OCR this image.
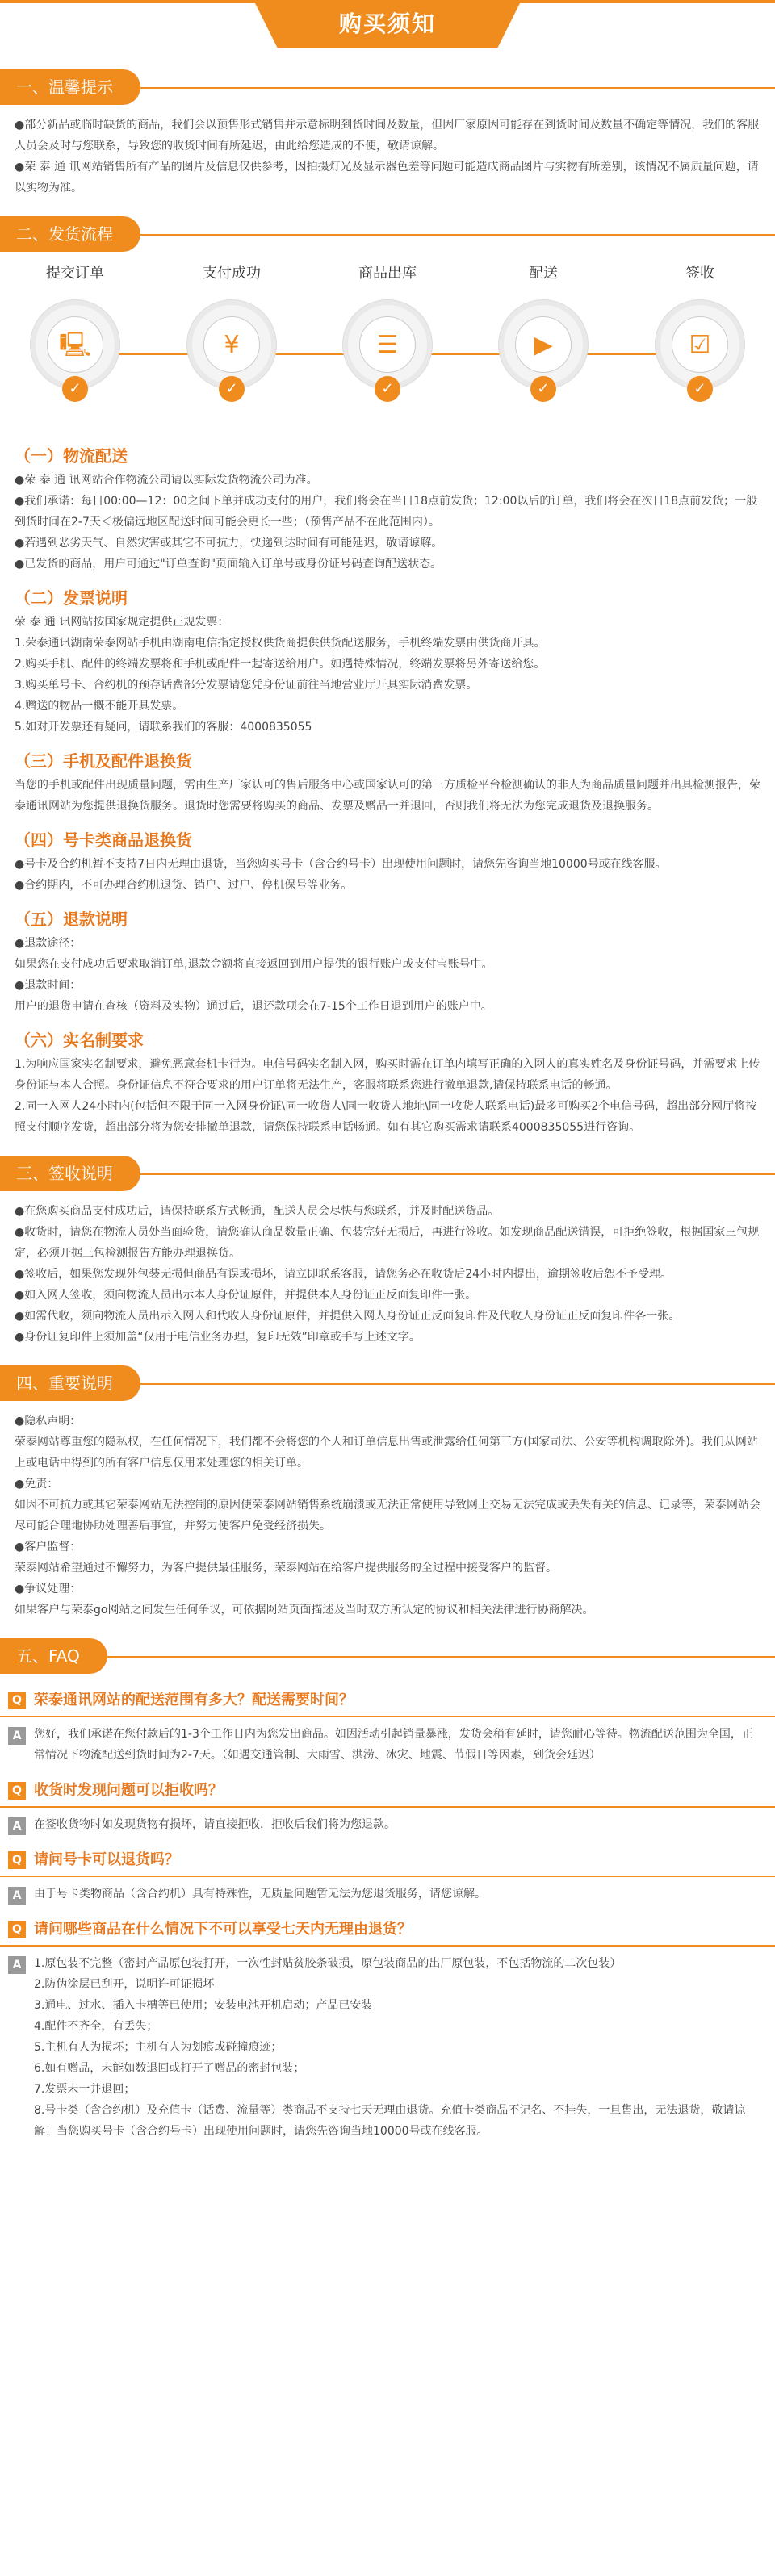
购买须知
一、温馨提示

●部分新品或临时缺货的商品，我们会以预售形式销售并示意标明到货时间及数量，但因厂家原因可能存在到货时间及数量不确定等情况，我们的客服人员会及时与您联系，导致您的收货时间有所延迟，由此给您造成的不便，敬请谅解。

●荣 泰 通 讯网站销售所有产品的图片及信息仅供参考，因拍摄灯光及显示器色差等问题可能造成商品图片与实物有所差别，该情况不属质量问题，请以实物为准。

二、发货流程
提交订单
🖳
✓
支付成功
¥
✓
商品出库
☰
✓
配送
▶
✓
签收
☑
✓
（一）物流配送

●荣 泰 通 讯网站合作物流公司请以实际发货物流公司为准。

●我们承诺：每日00:00—12：00之间下单并成功支付的用户，我们将会在当日18点前发货；12:00以后的订单，我们将会在次日18点前发货；一般到货时间在2-7天＜极偏远地区配送时间可能会更长一些；（预售产品不在此范围内）。

●若遇到恶劣天气、自然灾害或其它不可抗力，快递到达时间有可能延迟，敬请谅解。

●已发货的商品，用户可通过"订单查询"页面输入订单号或身份证号码查询配送状态。

（二）发票说明

荣 泰 通 讯网站按国家规定提供正规发票：

1.荣泰通讯湖南荣泰网站手机由湖南电信指定授权供货商提供供货配送服务，手机终端发票由供货商开具。

2.购买手机、配件的终端发票将和手机或配件一起寄送给用户。如遇特殊情况，终端发票将另外寄送给您。

3.购买单号卡、合约机的预存话费部分发票请您凭身份证前往当地营业厅开具实际消费发票。

4.赠送的物品一概不能开具发票。

5.如对开发票还有疑问，请联系我们的客服：4000835055

（三）手机及配件退换货

当您的手机或配件出现质量问题，需由生产厂家认可的售后服务中心或国家认可的第三方质检平台检测确认的非人为商品质量问题并出具检测报告，荣泰通讯网站为您提供退换货服务。退货时您需要将购买的商品、发票及赠品一并退回，否则我们将无法为您完成退货及退换服务。

（四）号卡类商品退换货

●号卡及合约机暂不支持7日内无理由退货，当您购买号卡（含合约号卡）出现使用问题时，请您先咨询当地10000号或在线客服。

●合约期内，不可办理合约机退货、销户、过户、停机保号等业务。

（五）退款说明

●退款途径：

如果您在支付成功后要求取消订单,退款金额将直接返回到用户提供的银行账户或支付宝账号中。

●退款时间：

用户的退货申请在查核（资料及实物）通过后，退还款项会在7-15个工作日退到用户的账户中。

（六）实名制要求

1.为响应国家实名制要求，避免恶意套机卡行为。电信号码实名制入网，购买时需在订单内填写正确的入网人的真实姓名及身份证号码，并需要求上传身份证与本人合照。身份证信息不符合要求的用户订单将无法生产，客服将联系您进行撤单退款,请保持联系电话的畅通。

2.同一入网人24小时内(包括但不限于同一入网身份证\同一收货人\同一收货人地址\同一收货人联系电话)最多可购买2个电信号码，超出部分网厅将按照支付顺序发货，超出部分将为您安排撤单退款，请您保持联系电话畅通。如有其它购买需求请联系4000835055进行咨询。

三、签收说明

●在您购买商品支付成功后，请保持联系方式畅通，配送人员会尽快与您联系，并及时配送货品。

●收货时，请您在物流人员处当面验货，请您确认商品数量正确、包装完好无损后，再进行签收。如发现商品配送错误，可拒绝签收，根据国家三包规定，必须开据三包检测报告方能办理退换货。

●签收后，如果您发现外包装无损但商品有误或损坏，请立即联系客服，请您务必在收货后24小时内提出，逾期签收后恕不予受理。

●如入网人签收，须向物流人员出示本人身份证原件，并提供本人身份证正反面复印件一张。

●如需代收，须向物流人员出示入网人和代收人身份证原件，并提供入网人身份证正反面复印件及代收人身份证正反面复印件各一张。

●身份证复印件上须加盖“仅用于电信业务办理，复印无效”印章或手写上述文字。

四、重要说明

●隐私声明：

荣泰网站尊重您的隐私权，在任何情况下，我们都不会将您的个人和订单信息出售或泄露给任何第三方(国家司法、公安等机构调取除外)。我们从网站上或电话中得到的所有客户信息仅用来处理您的相关订单。

●免责：

如因不可抗力或其它荣泰网站无法控制的原因使荣泰网站销售系统崩溃或无法正常使用导致网上交易无法完成或丢失有关的信息、记录等，荣泰网站会尽可能合理地协助处理善后事宜，并努力使客户免受经济损失。

●客户监督：

荣泰网站希望通过不懈努力，为客户提供最佳服务，荣泰网站在给客户提供服务的全过程中接受客户的监督。

●争议处理：

如果客户与荣泰go网站之间发生任何争议，可依据网站页面描述及当时双方所认定的协议和相关法律进行协商解决。

五、FAQ
Q 荣泰通讯网站的配送范围有多大？配送需要时间？
A	您好，我们承诺在您付款后的1-3个工作日内为您发出商品。如因活动引起销量暴涨，发货会稍有延时，请您耐心等待。物流配送范围为全国，正常情况下物流配送到货时间为2-7天。（如遇交通管制、大雨雪、洪涝、冰灾、地震、节假日等因素，到货会延迟）

Q 收货时发现问题可以拒收吗？
A	在签收货物时如发现货物有损坏，请直接拒收，拒收后我们将为您退款。

Q 请问号卡可以退货吗？
A	由于号卡类物商品（含合约机）具有特殊性，无质量问题暂无法为您退货服务，请您谅解。

Q 请问哪些商品在什么情况下不可以享受七天内无理由退货？
A	1.原包装不完整（密封产品原包装打开，一次性封贴贫胶条破损，原包装商品的出厂原包装，不包括物流的二次包装）

2.防伪涂层已刮开，说明许可证损坏

3.通电、过水、插入卡槽等已使用；安装电池开机启动；产品已安装

4.配件不齐全，有丢失；

5.主机有人为损坏；主机有人为划痕或碰撞痕迹；

6.如有赠品，未能如数退回或打开了赠品的密封包装；

7.发票未一并退回；

8.号卡类（含合约机）及充值卡（话费、流量等）类商品不支持七天无理由退货。充值卡类商品不记名、不挂失，一旦售出，无法退货，敬请谅解！当您购买号卡（含合约号卡）出现使用问题时，请您先咨询当地10000号或在线客服。
